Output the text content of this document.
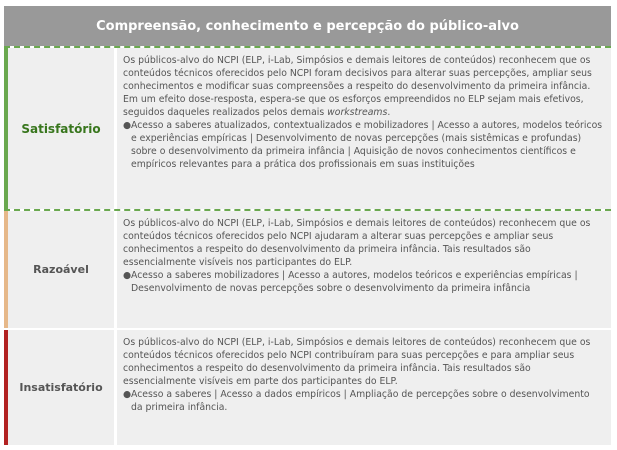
Compreensão, conhecimento e percepção do público-alvo
Satisfatório

Os públicos-alvo do NCPI (ELP, i-Lab, Simpósios e demais leitores de conteúdos) reconhecem que os conteúdos técnicos oferecidos pelo NCPI foram decisivos para alterar suas percepções, ampliar seus conhecimentos e modificar suas compreensões a respeito do desenvolvimento da primeira infância. Em um efeito dose-resposta, espera-se que os esforços empreendidos no ELP sejam mais efetivos, seguidos daqueles realizados pelos demais workstreams.

●Acesso a saberes atualizados, contextualizados e mobilizadores | Acesso a autores, modelos teóricos e experiências empíricas | Desenvolvimento de novas percepções (mais sistêmicas e profundas) sobre o desenvolvimento da primeira infância | Aquisição de novos conhecimentos científicos e empíricos relevantes para a prática dos profissionais em suas instituições

Razoável

Os públicos-alvo do NCPI (ELP, i-Lab, Simpósios e demais leitores de conteúdos) reconhecem que os conteúdos técnicos oferecidos pelo NCPI ajudaram a alterar suas percepções e ampliar seus conhecimentos a respeito do desenvolvimento da primeira infância. Tais resultados são essencialmente visíveis nos participantes do ELP.

●Acesso a saberes mobilizadores | Acesso a autores, modelos teóricos e experiências empíricas | Desenvolvimento de novas percepções sobre o desenvolvimento da primeira infância

Insatisfatório

Os públicos-alvo do NCPI (ELP, i-Lab, Simpósios e demais leitores de conteúdos) reconhecem que os conteúdos técnicos oferecidos pelo NCPI contribuíram para suas percepções e para ampliar seus conhecimentos a respeito do desenvolvimento da primeira infância. Tais resultados são essencialmente visíveis em parte dos participantes do ELP.

●Acesso a saberes | Acesso a dados empíricos | Ampliação de percepções sobre o desenvolvimento da primeira infância.
